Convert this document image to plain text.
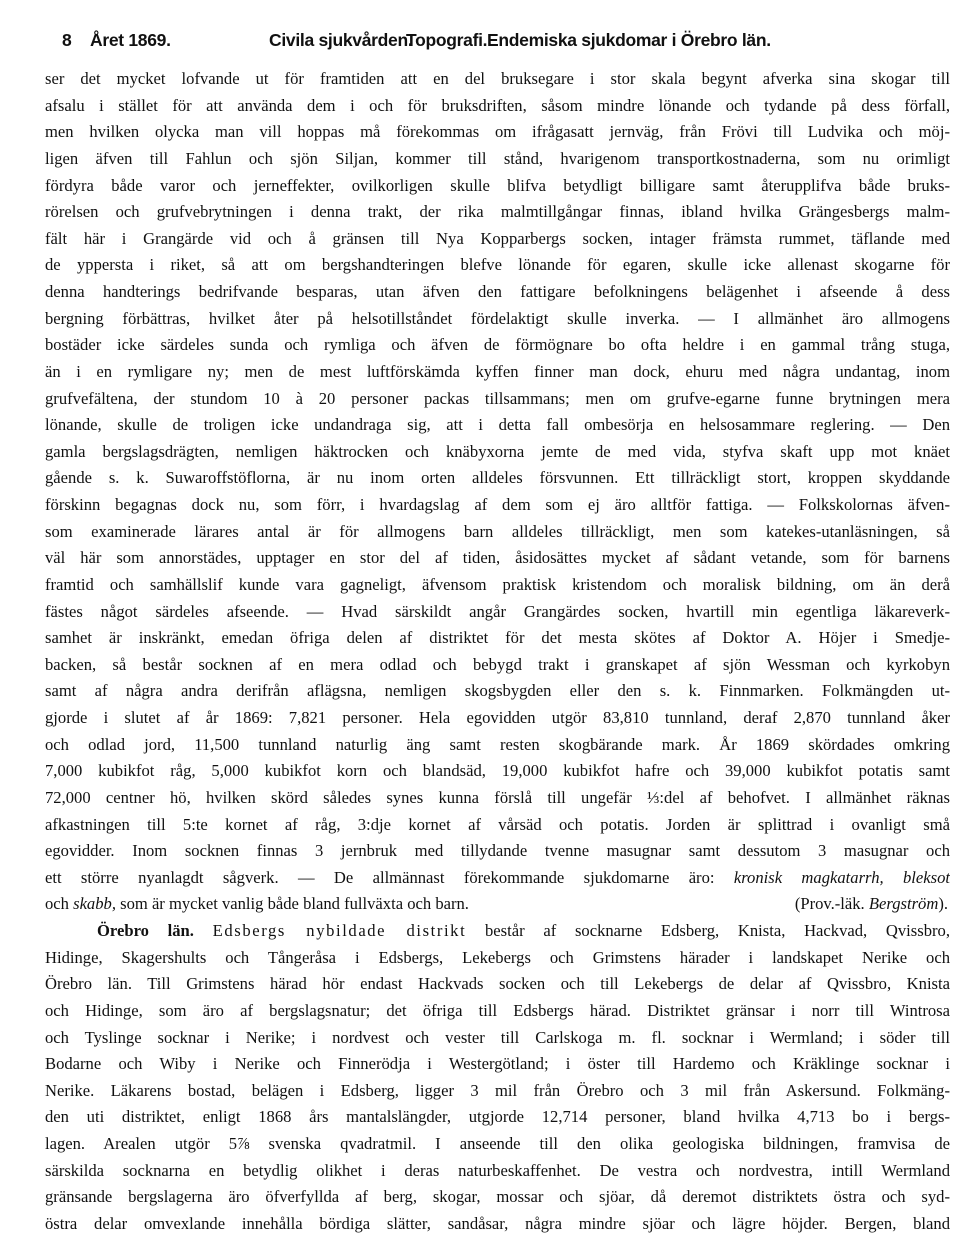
8 Året 1869.	Civila sjukvården.
Topografi. Endemiska sjukdomar i Örebro län.
ser det mycket lofvande ut för framtiden att en del bruksegare i stor skala begynt afverka sina skogar till
afsalu i stället för att använda dem i och för bruksdriften, såsom mindre lönande och tydande på dess förfall,
men hvilken olycka man vill hoppas må förekommas om ifrågasatt jernväg, från Frövi till Ludvika och möj-
ligen äfven till Fahlun och sjön Siljan, kommer till stånd, hvarigenom transportkostnaderna, som nu orimligt
fördyra både varor och jerneffekter, ovilkorligen skulle blifva betydligt billigare samt återupplifva både bruks-
rörelsen och grufvebrytningen i denna trakt, der rika malmtillgångar finnas, ibland hvilka Grängesbergs malm-
fält här i Grangärde vid och å gränsen till Nya Kopparbergs socken, intager främsta rummet, täflande med
de yppersta i riket, så att om bergshandteringen blefve lönande för egaren, skulle icke allenast skogarne för
denna handterings bedrifvande besparas, utan äfven den fattigare befolkningens belägenhet i afseende å dess
bergning förbättras, hvilket åter på helsotillståndet fördelaktigt skulle inverka. — I allmänhet äro allmogens
bostäder icke särdeles sunda och rymliga och äfven de förmögnare bo ofta heldre i en gammal trång stuga,
än i en rymligare ny; men de mest luftförskämda kyffen finner man dock, ehuru med några undantag, inom
grufvefältena, der stundom 10 à 20 personer packas tillsammans; men om grufve-egarne funne brytningen mera
lönande, skulle de troligen icke undandraga sig, att i detta fall ombesörja en helsosammare reglering. — Den
gamla bergslagsdrägten, nemligen häktrocken och knäbyxorna jemte de med vida, styfva skaft upp mot knäet
gående s. k. Suwaroffstöflorna, är nu inom orten alldeles försvunnen. Ett tillräckligt stort, kroppen skyddande
förskinn begagnas dock nu, som förr, i hvardagslag af dem som ej äro alltför fattiga. — Folkskolornas äfven-
som examinerade lärares antal är för allmogens barn alldeles tillräckligt, men som katekes-utanläsningen, så
väl här som annorstädes, upptager en stor del af tiden, åsidosättes mycket af sådant vetande, som för barnens
framtid och samhällslif kunde vara gagneligt, äfvensom praktisk kristendom och moralisk bildning, om än derå
fästes något särdeles afseende. — Hvad särskildt angår Grangärdes socken, hvartill min egentliga läkareverk-
samhet är inskränkt, emedan öfriga delen af distriktet för det mesta skötes af Doktor A. Höjer i Smedje-
backen, så består socknen af en mera odlad och bebygd trakt i granskapet af sjön Wessman och kyrkobyn
samt af några andra derifrån aflägsna, nemligen skogsbygden eller den s. k. Finnmarken. Folkmängden ut-
gjorde i slutet af år 1869: 7,821 personer. Hela egovidden utgör 83,810 tunnland, deraf 2,870 tunnland åker
och odlad jord, 11,500 tunnland naturlig äng samt resten skogbärande mark. År 1869 skördades omkring
7,000 kubikfot råg, 5,000 kubikfot korn och blandsäd, 19,000 kubikfot hafre och 39,000 kubikfot potatis samt
72,000 centner hö, hvilken skörd således synes kunna förslå till ungefär ⅓:del af behofvet. I allmänhet räknas
afkastningen till 5:te kornet af råg, 3:dje kornet af vårsäd och potatis. Jorden är splittrad i ovanligt små
egovidder. Inom socknen finnas 3 jernbruk med tillydande tvenne masugnar samt dessutom 3 masugnar och
ett större nyanlagdt sågverk. — De allmännast förekommande sjukdomarne äro: kronisk magkatarrh, bleksot
och skabb, som är mycket vanlig både bland fullväxta och barn.	(Prov.-läk. Bergström).
Örebro län. Edsbergs nybildade distrikt består af socknarne Edsberg, Knista, Hackvad, Qvissbro,
Hidinge, Skagershults och Tångeråsa i Edsbergs, Lekebergs och Grimstens härader i landskapet Nerike och
Örebro län. Till Grimstens härad hör endast Hackvads socken och till Lekebergs de delar af Qvissbro, Knista
och Hidinge, som äro af bergslagsnatur; det öfriga till Edsbergs härad. Distriktet gränsar i norr till Wintrosa
och Tyslinge socknar i Nerike; i nordvest och vester till Carlskoga m. fl. socknar i Wermland; i söder till
Bodarne och Wiby i Nerike och Finnerödja i Westergötland; i öster till Hardemo och Kräklinge socknar i
Nerike. Läkarens bostad, belägen i Edsberg, ligger 3 mil från Örebro och 3 mil från Askersund. Folkmäng-
den uti distriktet, enligt 1868 års mantalslängder, utgjorde 12,714 personer, bland hvilka 4,713 bo i bergs-
lagen. Arealen utgör 5⅞ svenska qvadratmil. I anseende till den olika geologiska bildningen, framvisa de
särskilda socknarna en betydlig olikhet i deras naturbeskaffenhet. De vestra och nordvestra, intill Wermland
gränsande bergslagerna äro öfverfyllda af berg, skogar, mossar och sjöar, då deremot distriktets östra och syd-
östra delar omvexlande innehålla bördiga slätter, sandåsar, några mindre sjöar och lägre höjder. Bergen, bland
